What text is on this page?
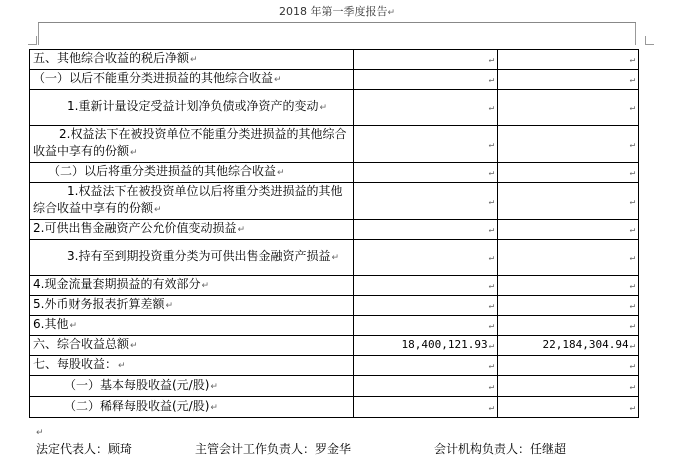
2018 年第一季度报告↵
五、其他综合收益的税后净额↵	↵	↵
（一）以后不能重分类进损益的其他综合收益↵	↵	↵
1.重新计量设定受益计划净负债或净资产的变动↵	↵	↵
2.权益法下在被投资单位不能重分类进损益的其他综合收益中享有的份额↵	↵	↵
（二）以后将重分类进损益的其他综合收益↵	↵	↵
1.权益法下在被投资单位以后将重分类进损益的其他综合收益中享有的份额↵	↵	↵
2.可供出售金融资产公允价值变动损益↵	↵	↵
3.持有至到期投资重分类为可供出售金融资产损益↵	↵	↵
4.现金流量套期损益的有效部分↵	↵	↵
5.外币财务报表折算差额↵	↵	↵
6.其他↵	↵	↵
六、综合收益总额↵	18,400,121.93↵	22,184,304.94↵
七、每股收益：↵	↵	↵
（一）基本每股收益(元/股)↵	↵	↵
（二）稀释每股收益(元/股)↵	↵	↵
↵
法定代表人：顾琦	主管会计工作负责人：罗金华	会计机构负责人：任继超
